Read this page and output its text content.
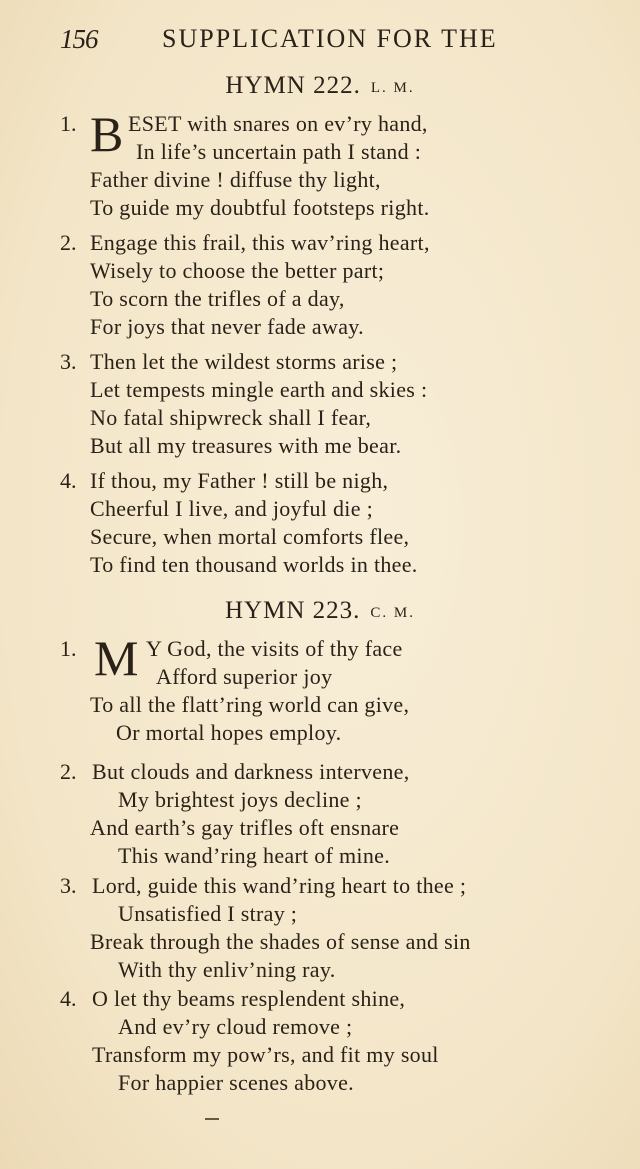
156 SUPPLICATION FOR THE
HYMN 222. L. M.
1. B ESET with snares on ev’ry hand,
In life’s uncertain path I stand :
Father divine ! diffuse thy light,
To guide my doubtful footsteps right.
2. Engage this frail, this wav’ring heart,
Wisely to choose the better part;
To scorn the trifles of a day,
For joys that never fade away.
3. Then let the wildest storms arise ;
Let tempests mingle earth and skies :
No fatal shipwreck shall I fear,
But all my treasures with me bear.
4. If thou, my Father ! still be nigh,
Cheerful I live, and joyful die ;
Secure, when mortal comforts flee,
To find ten thousand worlds in thee.
HYMN 223. C. M.
1. M Y God, the visits of thy face
Afford superior joy
To all the flatt’ring world can give,
Or mortal hopes employ.
2. But clouds and darkness intervene,
My brightest joys decline ;
And earth’s gay trifles oft ensnare
This wand’ring heart of mine.
3. Lord, guide this wand’ring heart to thee ;
Unsatisfied I stray ;
Break through the shades of sense and sin
With thy enliv’ning ray.
4. O let thy beams resplendent shine,
And ev’ry cloud remove ;
Transform my pow’rs, and fit my soul
For happier scenes above.
